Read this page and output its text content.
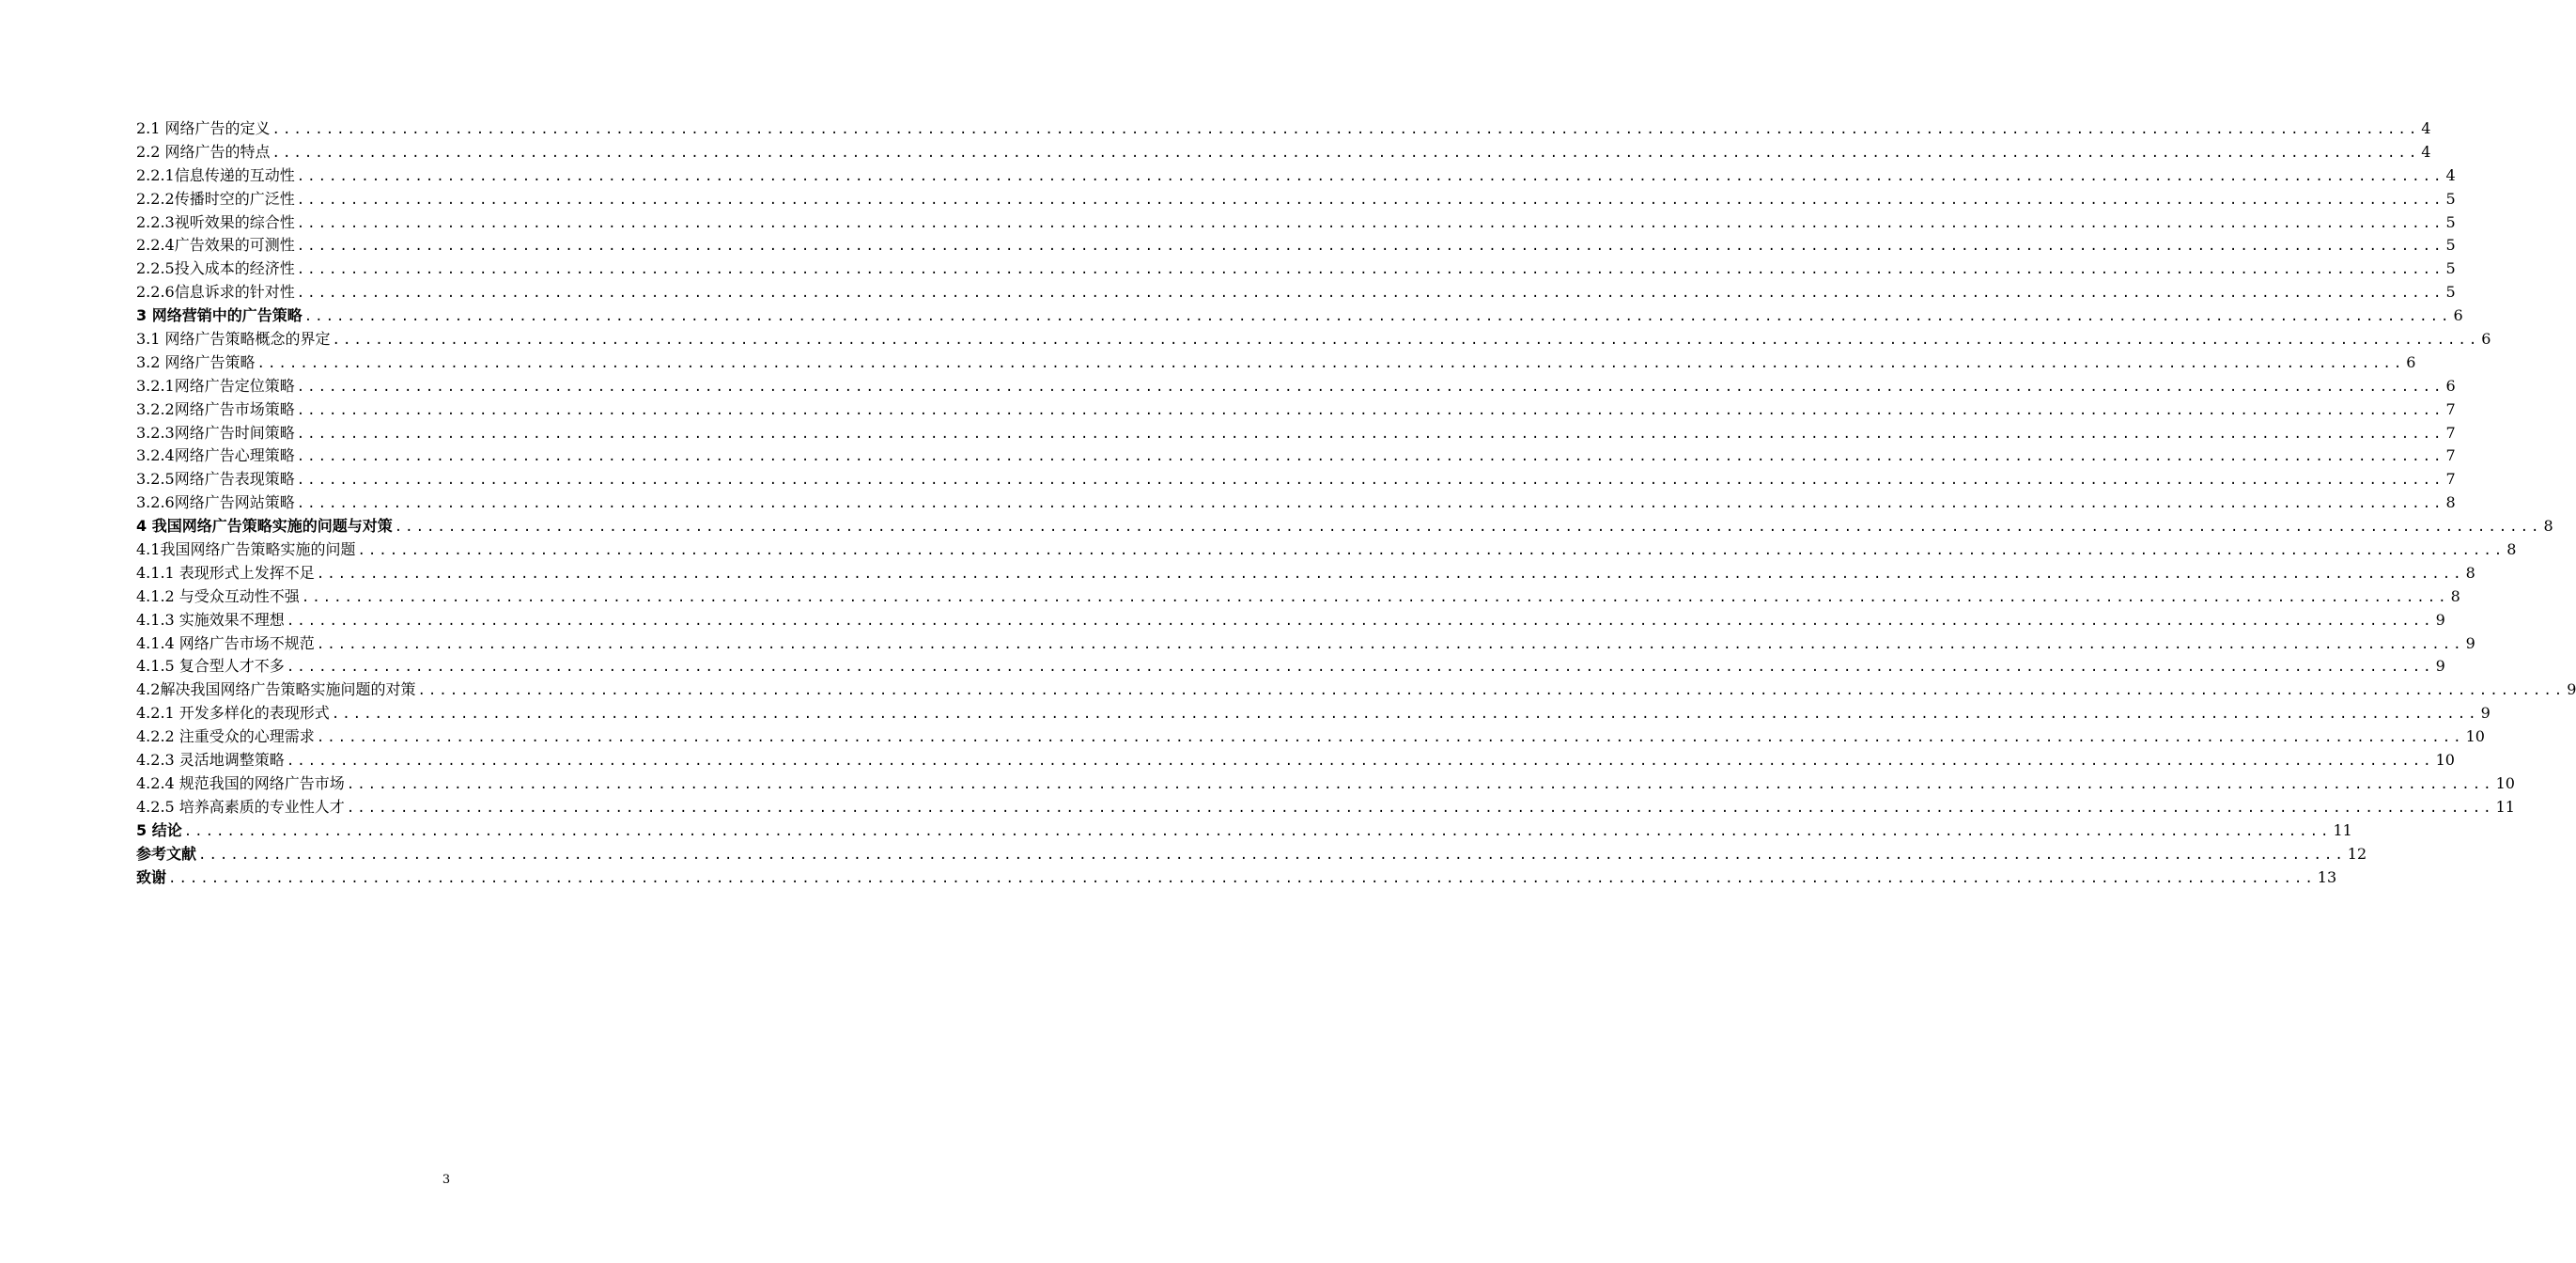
2.1 网络广告的定义 ........................................................................................................................................................................................................ 4
2.2 网络广告的特点 ........................................................................................................................................................................................................ 4
2.2.1信息传递的互动性 ........................................................................................................................................................................................................ 4
2.2.2传播时空的广泛性 ........................................................................................................................................................................................................ 5
2.2.3视听效果的综合性 ........................................................................................................................................................................................................ 5
2.2.4广告效果的可测性 ........................................................................................................................................................................................................ 5
2.2.5投入成本的经济性 ........................................................................................................................................................................................................ 5
2.2.6信息诉求的针对性 ........................................................................................................................................................................................................ 5
3 网络营销中的广告策略 ........................................................................................................................................................................................................ 6
3.1 网络广告策略概念的界定 ........................................................................................................................................................................................................ 6
3.2 网络广告策略 ........................................................................................................................................................................................................ 6
3.2.1网络广告定位策略 ........................................................................................................................................................................................................ 6
3.2.2网络广告市场策略 ........................................................................................................................................................................................................ 7
3.2.3网络广告时间策略 ........................................................................................................................................................................................................ 7
3.2.4网络广告心理策略 ........................................................................................................................................................................................................ 7
3.2.5网络广告表现策略 ........................................................................................................................................................................................................ 7
3.2.6网络广告网站策略 ........................................................................................................................................................................................................ 8
4 我国网络广告策略实施的问题与对策 ........................................................................................................................................................................................................ 8
4.1我国网络广告策略实施的问题 ........................................................................................................................................................................................................ 8
4.1.1 表现形式上发挥不足 ........................................................................................................................................................................................................ 8
4.1.2 与受众互动性不强 ........................................................................................................................................................................................................ 8
4.1.3 实施效果不理想 ........................................................................................................................................................................................................ 9
4.1.4 网络广告市场不规范 ........................................................................................................................................................................................................ 9
4.1.5 复合型人才不多 ........................................................................................................................................................................................................ 9
4.2解决我国网络广告策略实施问题的对策 ........................................................................................................................................................................................................ 9
4.2.1 开发多样化的表现形式 ........................................................................................................................................................................................................ 9
4.2.2 注重受众的心理需求 ........................................................................................................................................................................................................ 10
4.2.3 灵活地调整策略 ........................................................................................................................................................................................................ 10
4.2.4 规范我国的网络广告市场 ........................................................................................................................................................................................................ 10
4.2.5 培养高素质的专业性人才 ........................................................................................................................................................................................................ 11
5 结论 ........................................................................................................................................................................................................ 11
参考文献 ........................................................................................................................................................................................................ 12
致谢 ........................................................................................................................................................................................................ 13
3
